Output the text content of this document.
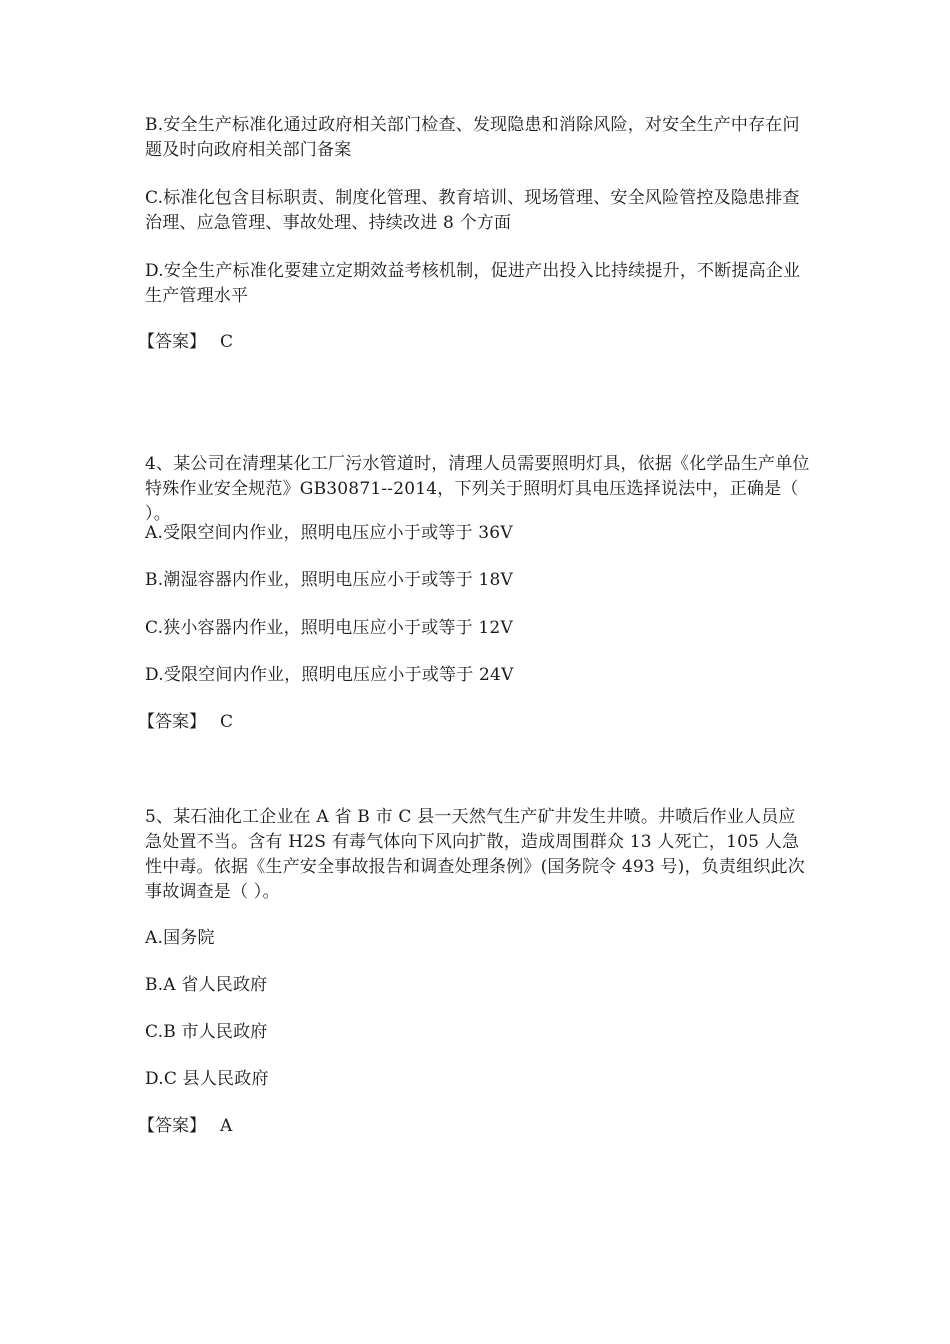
B.安全生产标准化通过政府相关部门检查、发现隐患和消除风险，对安全生产中存在问题及时向政府相关部门备案
C.标准化包含目标职责、制度化管理、教育培训、现场管理、安全风险管控及隐患排查治理、应急管理、事故处理、持续改进 8 个方面
D.安全生产标准化要建立定期效益考核机制，促进产出投入比持续提升，不断提高企业生产管理水平
【答案】 C
4、某公司在清理某化工厂污水管道时，清理人员需要照明灯具，依据《化学品生产单位特殊作业安全规范》GB30871--2014，下列关于照明灯具电压选择说法中，正确是（ ）。
A.受限空间内作业，照明电压应小于或等于 36V
B.潮湿容器内作业，照明电压应小于或等于 18V
C.狭小容器内作业，照明电压应小于或等于 12V
D.受限空间内作业，照明电压应小于或等于 24V
【答案】 C
5、某石油化工企业在 A 省 B 市 C 县一天然气生产矿井发生井喷。井喷后作业人员应急处置不当。含有 H2S 有毒气体向下风向扩散，造成周围群众 13 人死亡，105 人急性中毒。依据《生产安全事故报告和调查处理条例》(国务院令 493 号)，负责组织此次事故调查是（ ）。
A.国务院
B.A 省人民政府
C.B 市人民政府
D.C 县人民政府
【答案】 A
